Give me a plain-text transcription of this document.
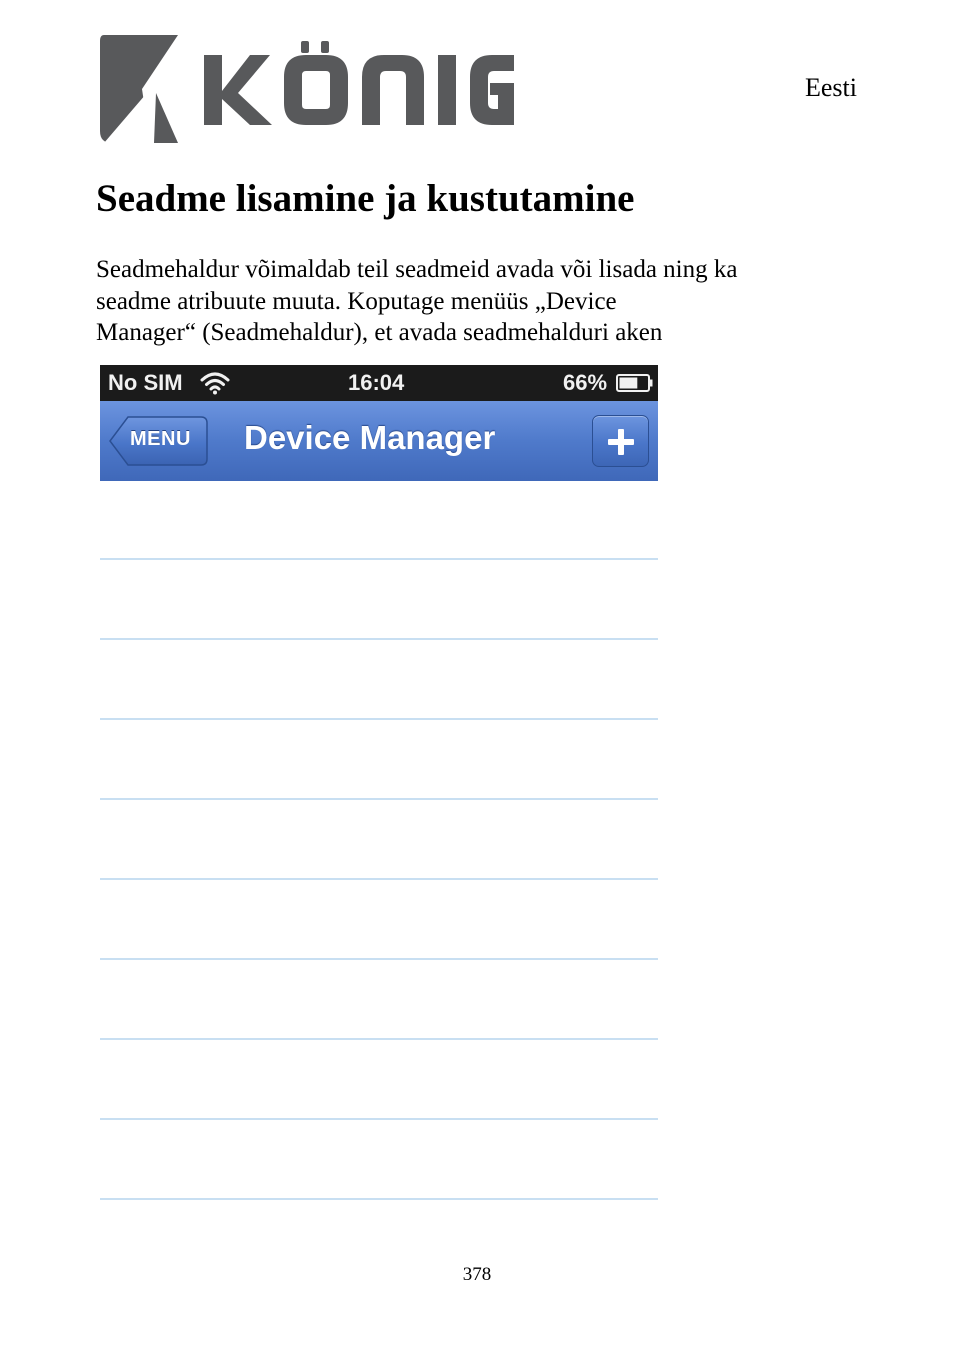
Eesti
Seadme lisamine ja kustutamine

Seadmehaldur võimaldab teil seadmeid avada või lisada ning ka
seadme atribuute muuta. Koputage menüüs „Device
Manager“ (Seadmehaldur), et avada seadmehalduri aken

No SIM	16:04	66%
MENU Device Manager
378
